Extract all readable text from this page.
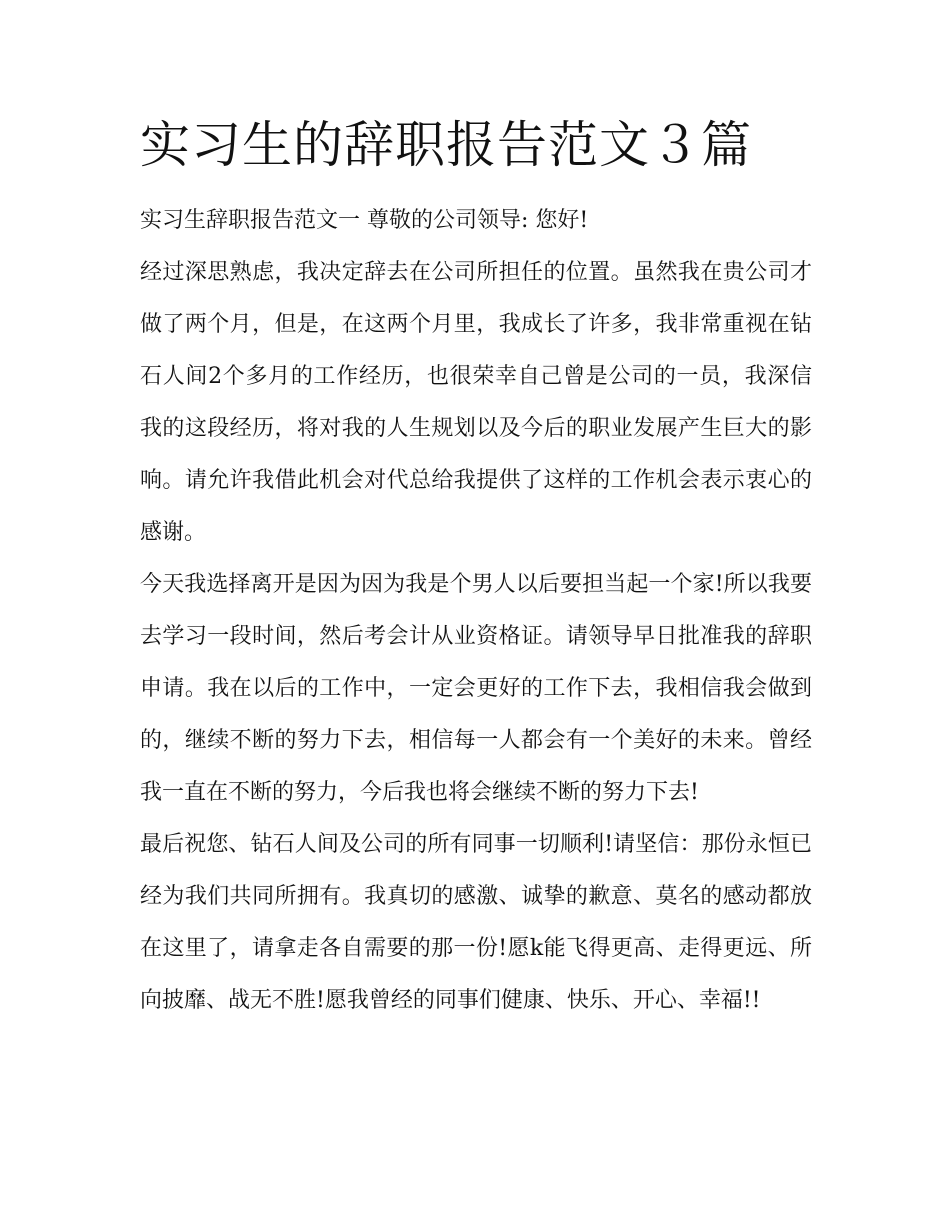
实习生的辞职报告范文３篇

实习生辞职报告范文一 尊敬的公司领导: 您好!

经过深思熟虑，我决定辞去在公司所担任的位置。虽然我在贵公司才做了两个月，但是，在这两个月里，我成长了许多，我非常重视在钻石人间2个多月的工作经历，也很荣幸自己曾是公司的一员，我深信我的这段经历，将对我的人生规划以及今后的职业发展产生巨大的影响。请允许我借此机会对代总给我提供了这样的工作机会表示衷心的感谢。

今天我选择离开是因为因为我是个男人以后要担当起一个家!所以我要去学习一段时间，然后考会计从业资格证。请领导早日批准我的辞职申请。我在以后的工作中，一定会更好的工作下去，我相信我会做到的，继续不断的努力下去，相信每一人都会有一个美好的未来。曾经我一直在不断的努力，今后我也将会继续不断的努力下去!

最后祝您、钻石人间及公司的所有同事一切顺利!请坚信：那份永恒已经为我们共同所拥有。我真切的感激、诚挚的歉意、莫名的感动都放在这里了，请拿走各自需要的那一份!愿k能飞得更高、走得更远、所向披靡、战无不胜!愿我曾经的同事们健康、快乐、开心、幸福!!
